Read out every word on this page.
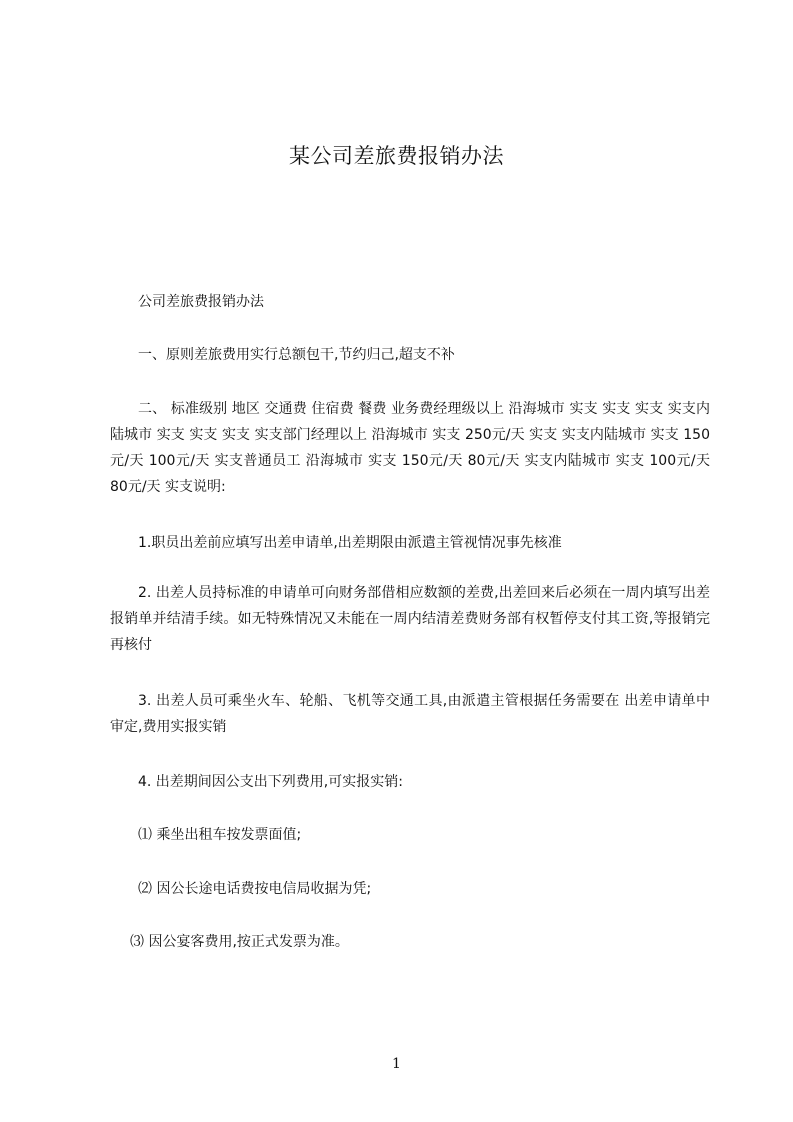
某公司差旅费报销办法
公司差旅费报销办法
一、原则差旅费用实行总额包干,节约归己,超支不补
二、 标准级别 地区 交通费 住宿费 餐费 业务费经理级以上 沿海城市 实支 实支 实支 实支内陆城市 实支 实支 实支 实支部门经理以上 沿海城市 实支 250元/天 实支 实支内陆城市 实支 150元/天 100元/天 实支普通员工 沿海城市 实支 150元/天 80元/天 实支内陆城市 实支 100元/天 80元/天 实支说明:
1.职员出差前应填写出差申请单,出差期限由派遣主管视情况事先核准
2. 出差人员持标准的申请单可向财务部借相应数额的差费,出差回来后必须在一周内填写出差报销单并结清手续。如无特殊情况又未能在一周内结清差费财务部有权暂停支付其工资,等报销完再核付
3. 出差人员可乘坐火车、轮船、飞机等交通工具,由派遣主管根据任务需要在 出差申请单中审定,费用实报实销
4. 出差期间因公支出下列费用,可实报实销:
⑴ 乘坐出租车按发票面值;
⑵ 因公长途电话费按电信局收据为凭;
⑶ 因公宴客费用,按正式发票为准。
1
